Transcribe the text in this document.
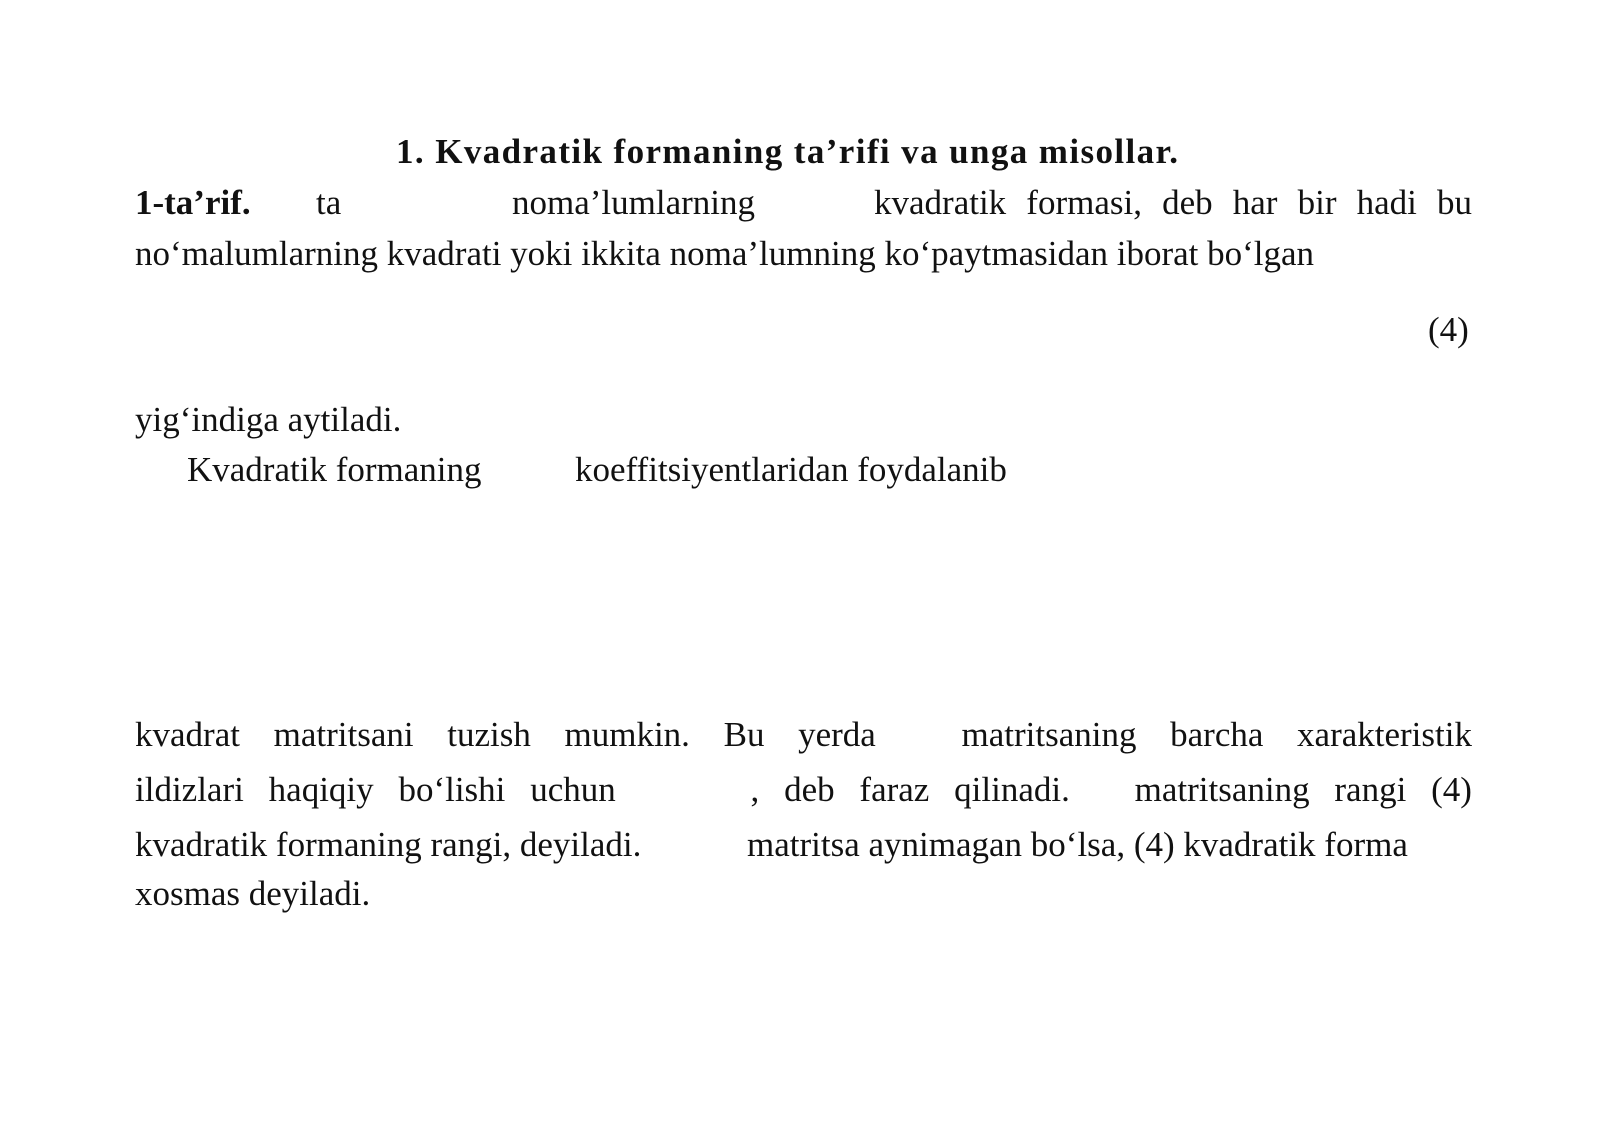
1. Kvadratik formaning ta’rifi va unga misollar.

1-ta’rif. ta	noma’lumlarning	kvadratik formasi, deb har bir hadi bu

no‘malumlarning kvadrati yoki ikkita noma’lumning ko‘paytmasidan iborat bo‘lgan

(4)

yig‘indiga aytiladi.

Kvadratik formaning	koeffitsiyentlaridan foydalanib

kvadrat matritsani tuzish mumkin. Bu yerda matritsaning barcha xarakteristik
ildizlari haqiqiy bo‘lishi uchun	, deb faraz qilinadi. matritsaning rangi (4)

kvadratik formaning rangi, deyiladi.	matritsa aynimagan bo‘lsa, (4) kvadratik forma

xosmas deyiladi.
